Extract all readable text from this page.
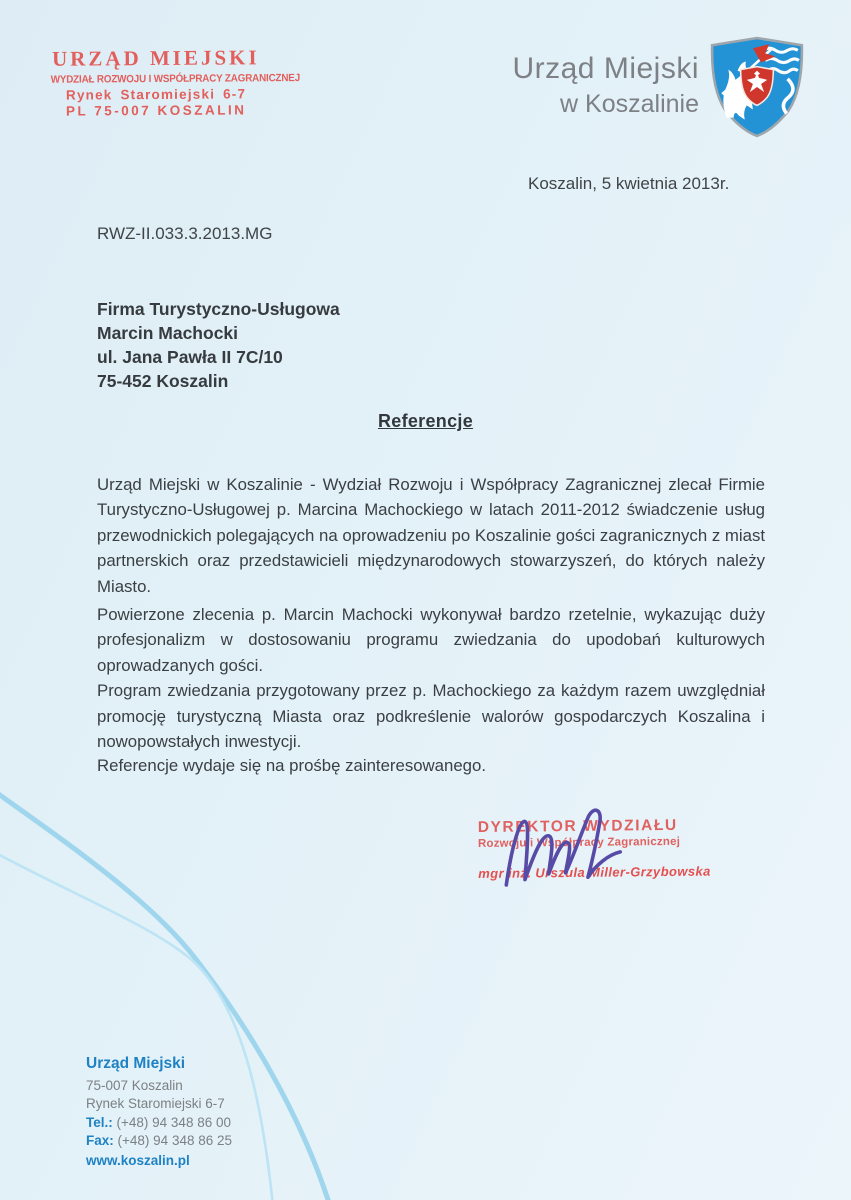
URZĄD MIEJSKI
WYDZIAŁ ROZWOJU I WSPÓŁPRACY ZAGRANICZNEJ
Rynek Staromiejski 6-7
PL 75-007 KOSZALIN
Urząd Miejski
w Koszalinie
Koszalin, 5 kwietnia 2013r.
RWZ-II.033.3.2013.MG
Firma Turystyczno-Usługowa
Marcin Machocki
ul. Jana Pawła II 7C/10
75-452 Koszalin
Referencje

Urząd Miejski w Koszalinie - Wydział Rozwoju i Współpracy Zagranicznej zlecał Firmie Turystyczno-Usługowej p. Marcina Machockiego w latach 2011-2012 świadczenie usług przewodnickich polegających na oprowadzeniu po Koszalinie gości zagranicznych z miast partnerskich oraz przedstawicieli międzynarodowych stowarzyszeń, do których należy Miasto.

Powierzone zlecenia p. Marcin Machocki wykonywał bardzo rzetelnie, wykazując duży profesjonalizm w dostosowaniu programu zwiedzania do upodobań kulturowych oprowadzanych gości.

Program zwiedzania przygotowany przez p. Machockiego za każdym razem uwzględniał promocję turystyczną Miasta oraz podkreślenie walorów gospodarczych Koszalina i nowopowstałych inwestycji.

Referencje wydaje się na prośbę zainteresowanego.

DYREKTOR WYDZIAŁU
Rozwoju i Współpracy Zagranicznej
mgr inż. Urszula Miller-Grzybowska
Urząd Miejski
75-007 Koszalin
Rynek Staromiejski 6-7
Tel.: (+48) 94 348 86 00
Fax: (+48) 94 348 86 25
www.koszalin.pl
